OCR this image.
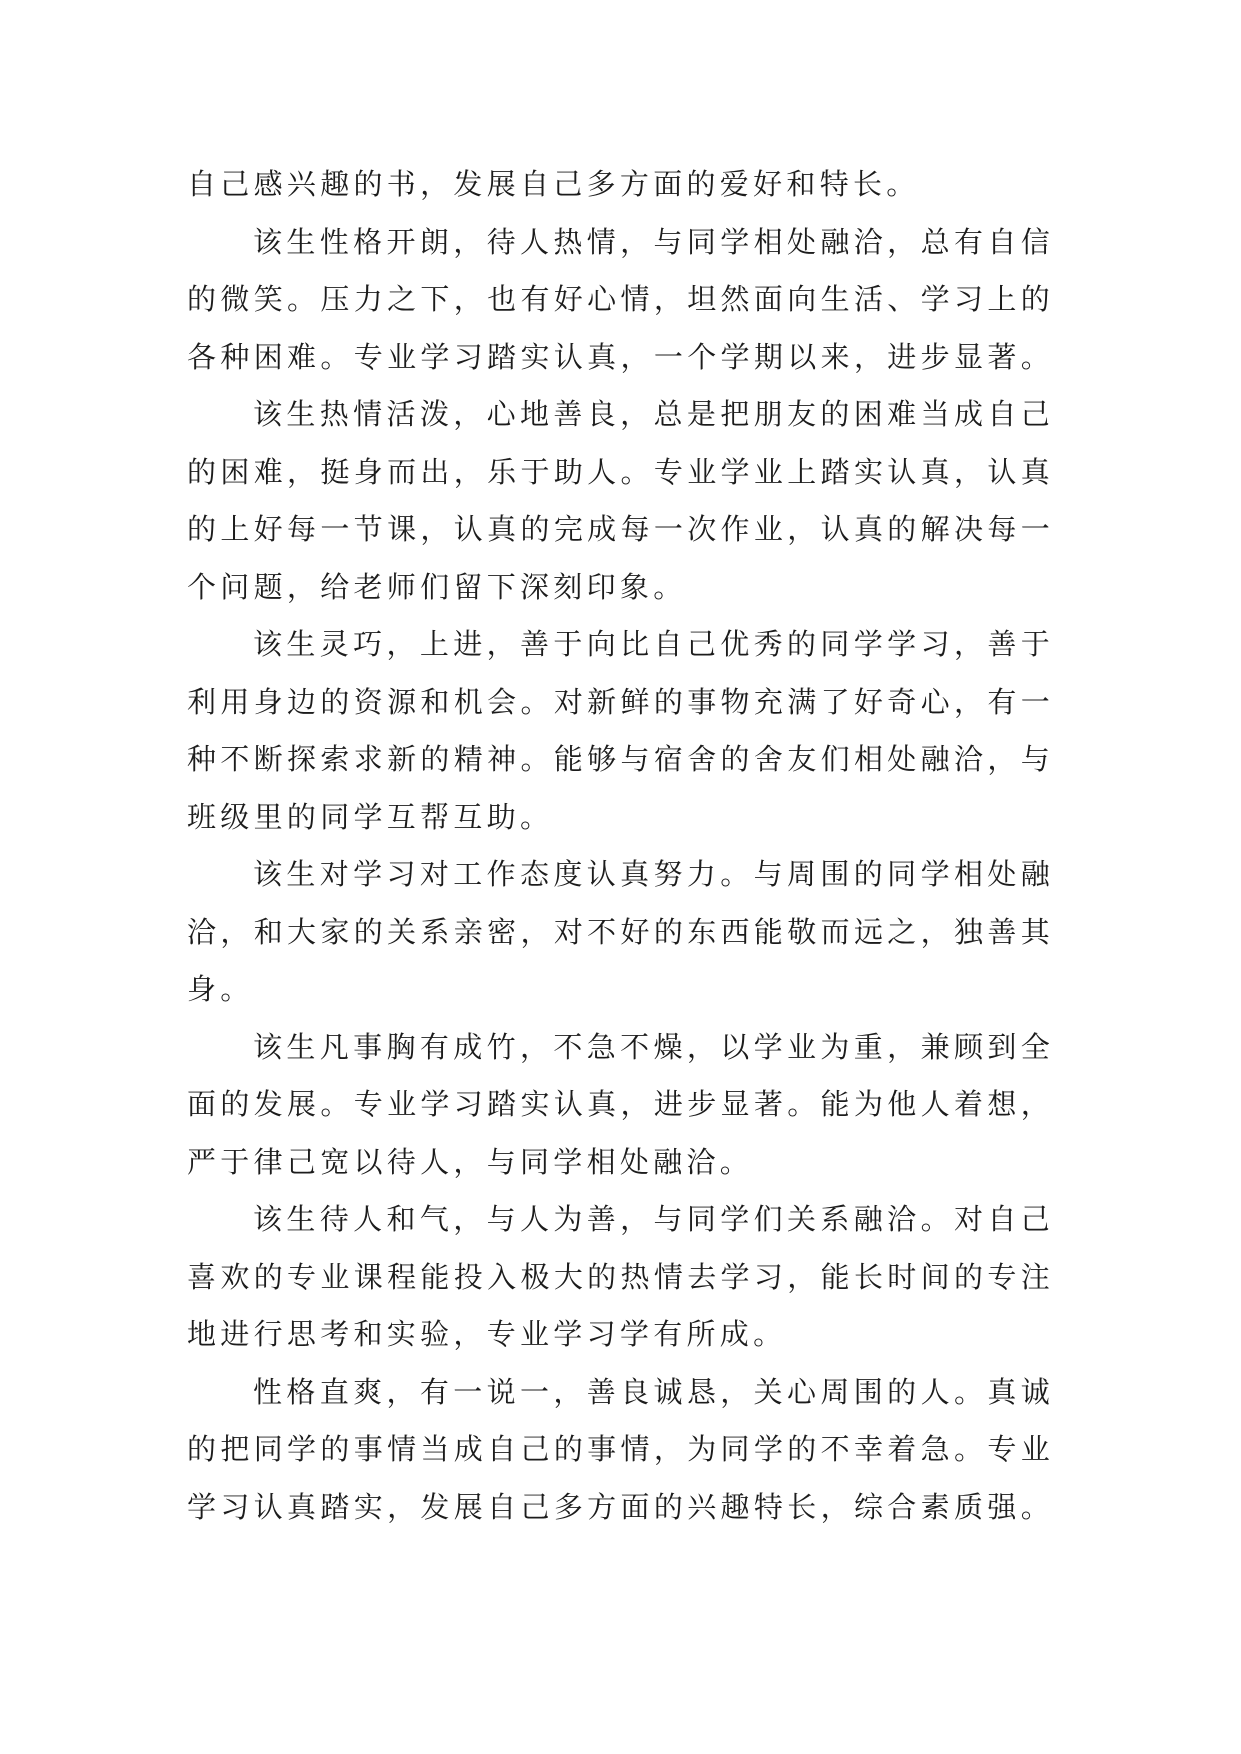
自己感兴趣的书，发展自己多方面的爱好和特长。
该生性格开朗，待人热情，与同学相处融洽，总有自信
的微笑。压力之下，也有好心情，坦然面向生活、学习上的
各种困难。专业学习踏实认真，一个学期以来，进步显著。
该生热情活泼，心地善良，总是把朋友的困难当成自己
的困难，挺身而出，乐于助人。专业学业上踏实认真，认真
的上好每一节课，认真的完成每一次作业，认真的解决每一
个问题，给老师们留下深刻印象。
该生灵巧，上进，善于向比自己优秀的同学学习，善于
利用身边的资源和机会。对新鲜的事物充满了好奇心，有一
种不断探索求新的精神。能够与宿舍的舍友们相处融洽，与
班级里的同学互帮互助。
该生对学习对工作态度认真努力。与周围的同学相处融
洽，和大家的关系亲密，对不好的东西能敬而远之，独善其
身。
该生凡事胸有成竹，不急不燥，以学业为重，兼顾到全
面的发展。专业学习踏实认真，进步显著。能为他人着想，
严于律己宽以待人，与同学相处融洽。
该生待人和气，与人为善，与同学们关系融洽。对自己
喜欢的专业课程能投入极大的热情去学习，能长时间的专注
地进行思考和实验，专业学习学有所成。
性格直爽，有一说一，善良诚恳，关心周围的人。真诚
的把同学的事情当成自己的事情，为同学的不幸着急。专业
学习认真踏实，发展自己多方面的兴趣特长，综合素质强。
